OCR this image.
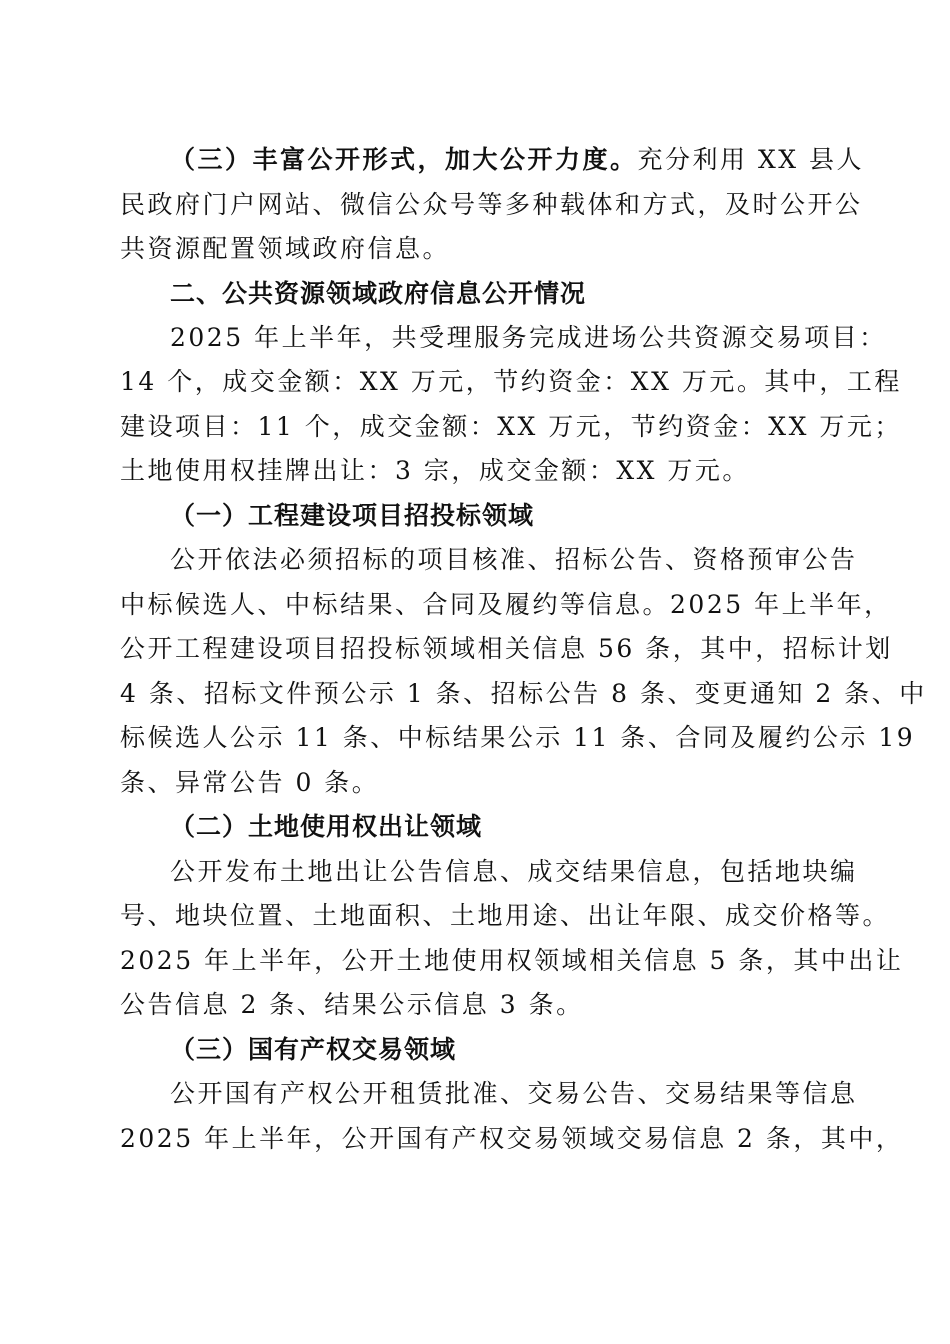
（三）丰富公开形式，加大公开力度。充分利用 XX 县人
民政府门户网站、微信公众号等多种载体和方式，及时公开公
共资源配置领域政府信息。
二、公共资源领域政府信息公开情况
2025 年上半年，共受理服务完成进场公共资源交易项目：
14 个，成交金额：XX 万元，节约资金：XX 万元。其中，工程
建设项目：11 个，成交金额：XX 万元，节约资金：XX 万元；
土地使用权挂牌出让：3 宗，成交金额：XX 万元。
（一）工程建设项目招投标领域
公开依法必须招标的项目核准、招标公告、资格预审公告
中标候选人、中标结果、合同及履约等信息。2025 年上半年，
公开工程建设项目招投标领域相关信息 56 条，其中，招标计划
4 条、招标文件预公示 1 条、招标公告 8 条、变更通知 2 条、中
标候选人公示 11 条、中标结果公示 11 条、合同及履约公示 19
条、异常公告 0 条。
（二）土地使用权出让领域
公开发布土地出让公告信息、成交结果信息，包括地块编
号、地块位置、土地面积、土地用途、出让年限、成交价格等。
2025 年上半年，公开土地使用权领域相关信息 5 条，其中出让
公告信息 2 条、结果公示信息 3 条。
（三）国有产权交易领域
公开国有产权公开租赁批准、交易公告、交易结果等信息
2025 年上半年，公开国有产权交易领域交易信息 2 条，其中，
